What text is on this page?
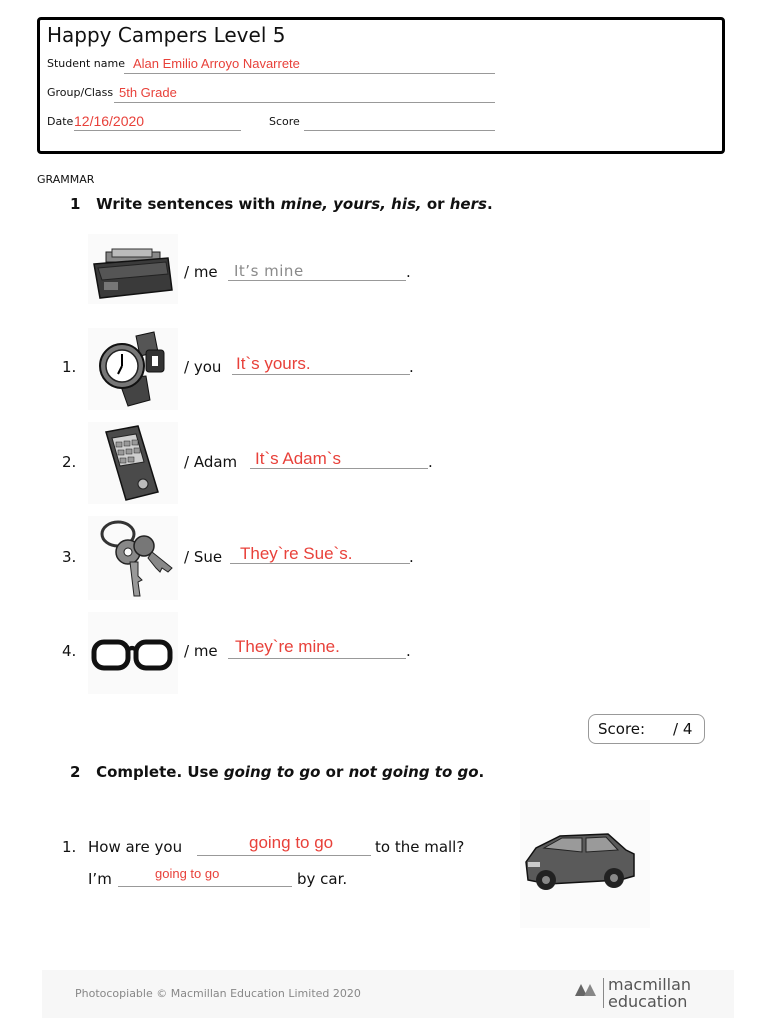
Happy Campers Level 5
Student name Alan Emilio Arroyo Navarrete
Group/Class 5th Grade
Date 12/16/2020	Score
GRAMMAR
1 Write sentences with mine, yours, his, or hers.
/ me It’s mine	.
1.	/ you It`s yours.	.
2.	/ Adam It`s Adam`s	.
3.	/ Sue They`re Sue`s.	.
4.	/ me They`re mine.	.
Score: / 4
2 Complete. Use going to go or not going to go.
1. How are you	going to go	to the mall?
I’m	going to go	by car.
Photocopiable © Macmillan Education Limited 2020	macmillan
education
